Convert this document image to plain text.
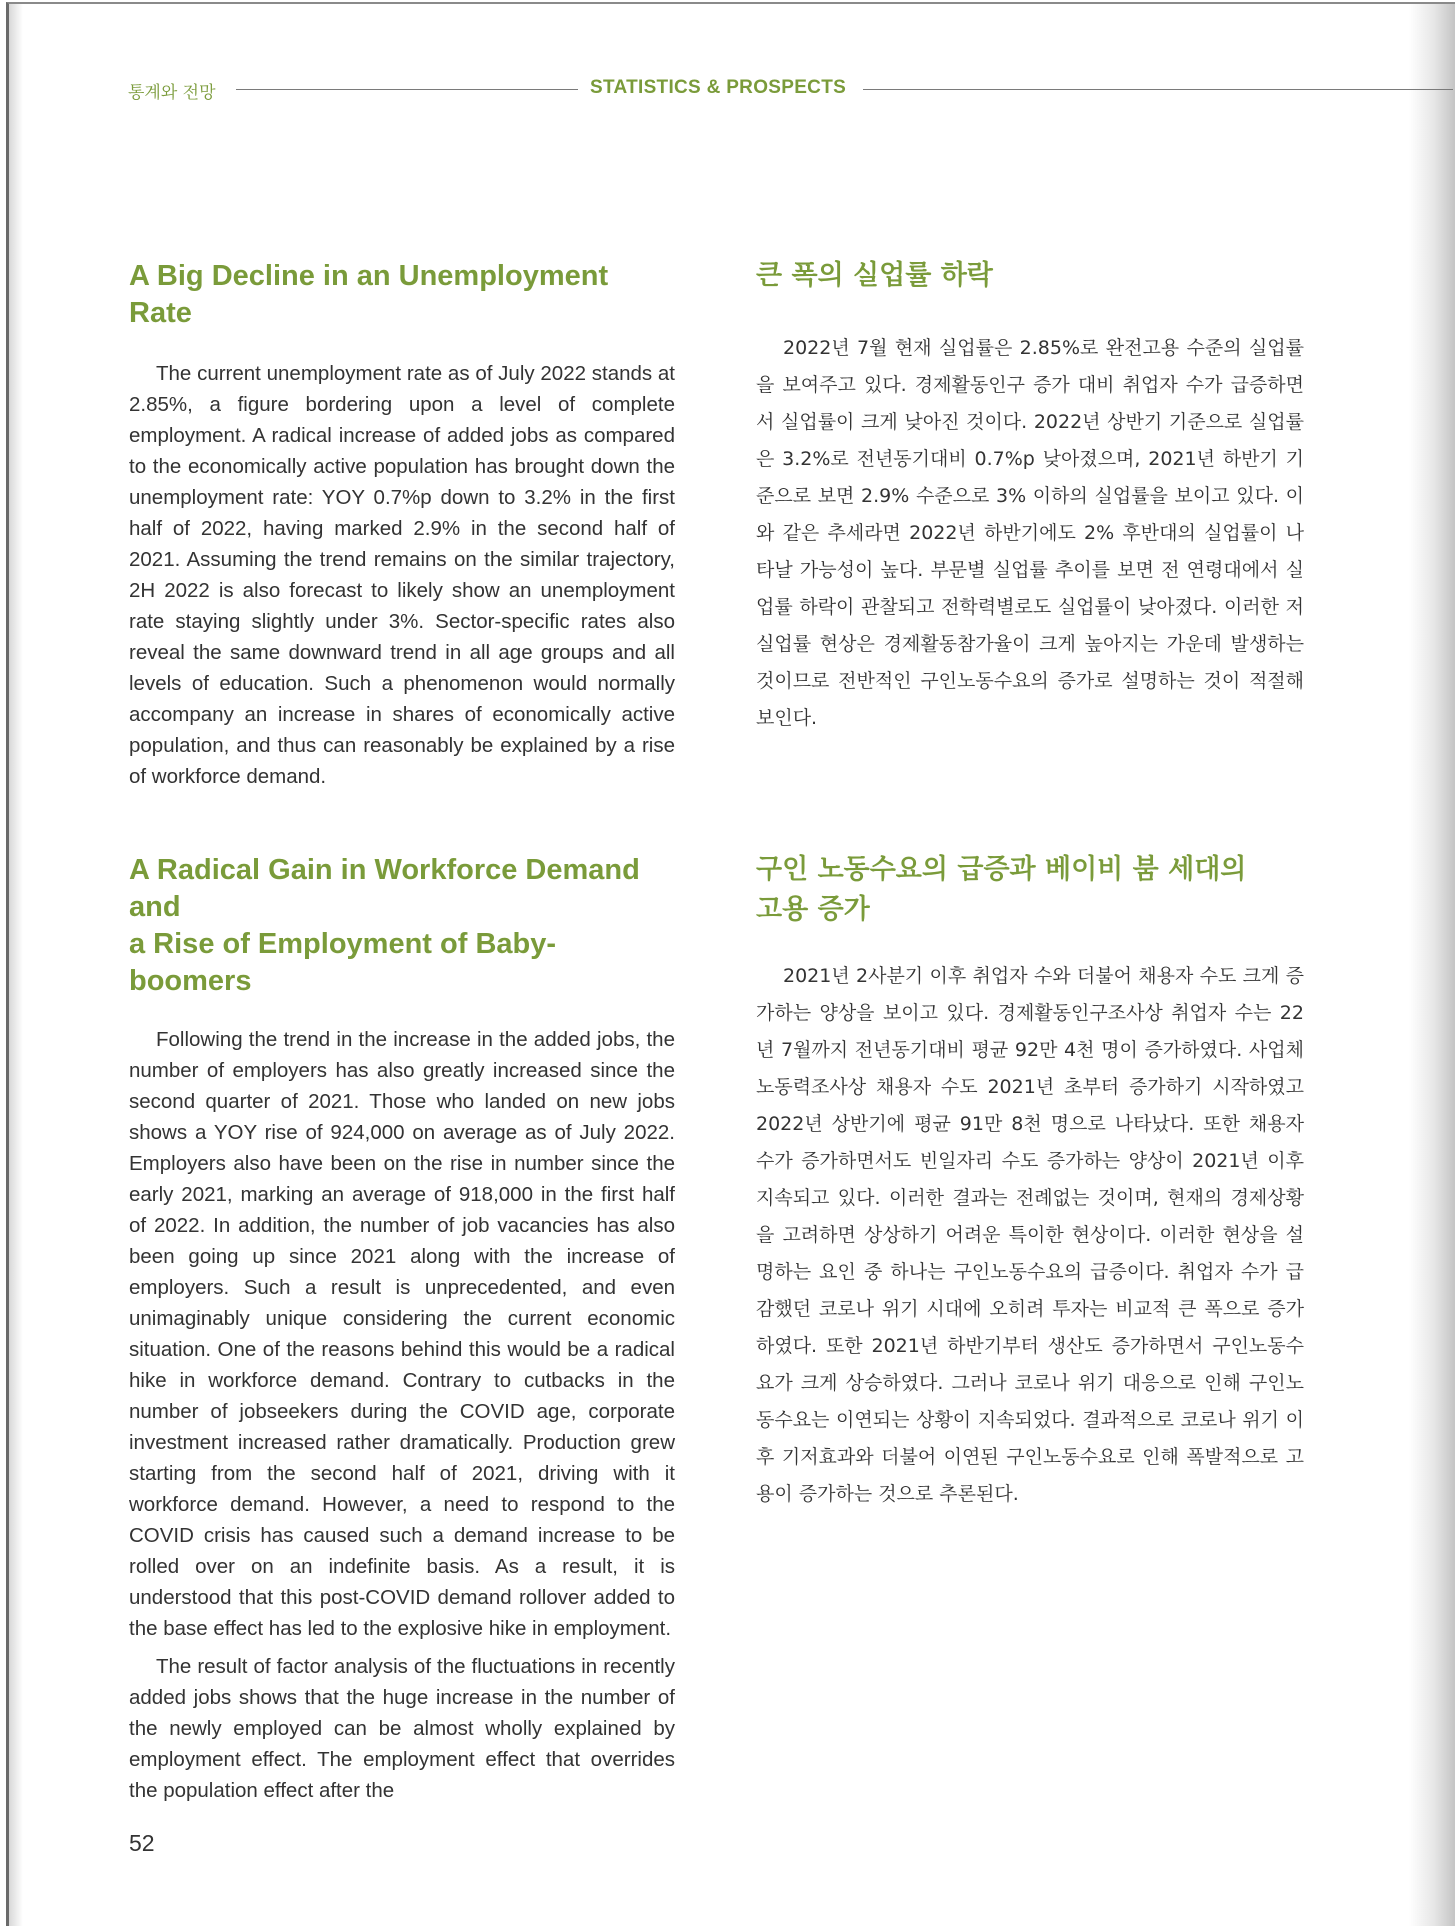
통계와 전망	STATISTICS & PROSPECTS
A Big Decline in an Unemployment Rate

The current unemployment rate as of July 2022 stands at 2.85%, a figure bordering upon a level of complete employment. A radical increase of added jobs as compared to the economically active population has brought down the unemployment rate: YOY 0.7%p down to 3.2% in the first half of 2022, having marked 2.9% in the second half of 2021. Assuming the trend remains on the similar trajectory, 2H 2022 is also forecast to likely show an unemployment rate staying slightly under 3%. Sector-specific rates also reveal the same downward trend in all age groups and all levels of education. Such a phenomenon would normally accompany an increase in shares of economically active population, and thus can reasonably be explained by a rise of workforce demand.

큰 폭의 실업률 하락

2022년 7월 현재 실업률은 2.85%로 완전고용 수준의 실업률을 보여주고 있다. 경제활동인구 증가 대비 취업자 수가 급증하면서 실업률이 크게 낮아진 것이다. 2022년 상반기 기준으로 실업률은 3.2%로 전년동기대비 0.7%p 낮아졌으며, 2021년 하반기 기준으로 보면 2.9% 수준으로 3% 이하의 실업률을 보이고 있다. 이와 같은 추세라면 2022년 하반기에도 2% 후반대의 실업률이 나타날 가능성이 높다. 부문별 실업률 추이를 보면 전 연령대에서 실업률 하락이 관찰되고 전학력별로도 실업률이 낮아졌다. 이러한 저실업률 현상은 경제활동참가율이 크게 높아지는 가운데 발생하는 것이므로 전반적인 구인노동수요의 증가로 설명하는 것이 적절해 보인다.

A Radical Gain in Workforce Demand and
a Rise of Employment of Baby-boomers

Following the trend in the increase in the added jobs, the number of employers has also greatly increased since the second quarter of 2021. Those who landed on new jobs shows a YOY rise of 924,000 on average as of July 2022. Employers also have been on the rise in number since the early 2021, marking an average of 918,000 in the first half of 2022. In addition, the number of job vacancies has also been going up since 2021 along with the increase of employers. Such a result is unprecedented, and even unimaginably unique considering the current economic situation. One of the reasons behind this would be a radical hike in workforce demand. Contrary to cutbacks in the number of jobseekers during the COVID age, corporate investment increased rather dramatically. Production grew starting from the second half of 2021, driving with it workforce demand. However, a need to respond to the COVID crisis has caused such a demand increase to be rolled over on an indefinite basis. As a result, it is understood that this post-COVID demand rollover added to the base effect has led to the explosive hike in employment.

The result of factor analysis of the fluctuations in recently added jobs shows that the huge increase in the number of the newly employed can be almost wholly explained by employment effect. The employment effect that overrides the population effect after the

구인 노동수요의 급증과 베이비 붐 세대의
고용 증가

2021년 2사분기 이후 취업자 수와 더불어 채용자 수도 크게 증가하는 양상을 보이고 있다. 경제활동인구조사상 취업자 수는 22년 7월까지 전년동기대비 평균 92만 4천 명이 증가하였다. 사업체노동력조사상 채용자 수도 2021년 초부터 증가하기 시작하였고 2022년 상반기에 평균 91만 8천 명으로 나타났다. 또한 채용자 수가 증가하면서도 빈일자리 수도 증가하는 양상이 2021년 이후 지속되고 있다. 이러한 결과는 전례없는 것이며, 현재의 경제상황을 고려하면 상상하기 어려운 특이한 현상이다. 이러한 현상을 설명하는 요인 중 하나는 구인노동수요의 급증이다. 취업자 수가 급감했던 코로나 위기 시대에 오히려 투자는 비교적 큰 폭으로 증가하였다. 또한 2021년 하반기부터 생산도 증가하면서 구인노동수요가 크게 상승하였다. 그러나 코로나 위기 대응으로 인해 구인노동수요는 이연되는 상황이 지속되었다. 결과적으로 코로나 위기 이후 기저효과와 더불어 이연된 구인노동수요로 인해 폭발적으로 고용이 증가하는 것으로 추론된다.

52
